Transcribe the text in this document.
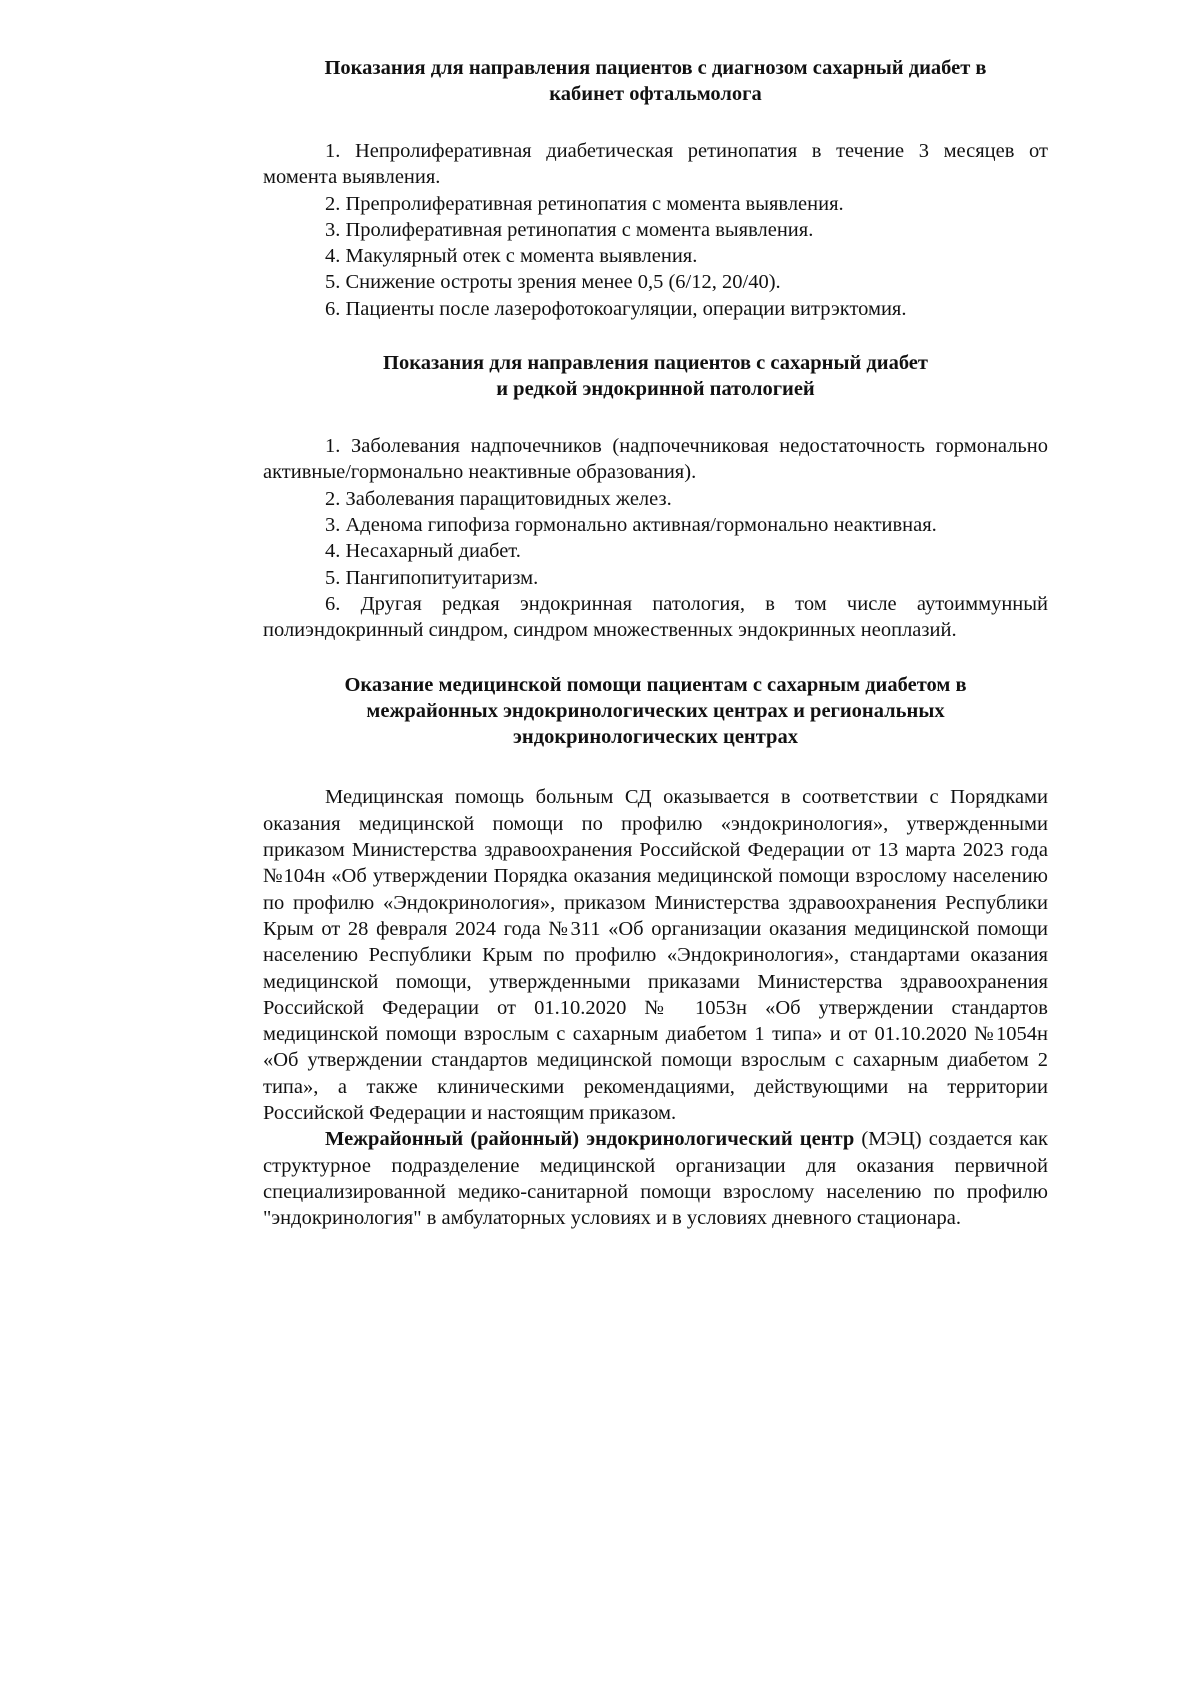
Показания для направления пациентов с диагнозом сахарный диабет в
кабинет офтальмолога

1. Непролиферативная диабетическая ретинопатия в течение 3 месяцев от момента выявления.

2. Препролиферативная ретинопатия с момента выявления.

3. Пролиферативная ретинопатия с момента выявления.

4. Макулярный отек с момента выявления.

5. Снижение остроты зрения менее 0,5 (6/12, 20/40).

6. Пациенты после лазерофотокоагуляции, операции витрэктомия.

Показания для направления пациентов с сахарный диабет
и редкой эндокринной патологией

1. Заболевания надпочечников (надпочечниковая недостаточность гормонально активные/гормонально неактивные образования).

2. Заболевания паращитовидных желез.

3. Аденома гипофиза гормонально активная/гормонально неактивная.

4. Несахарный диабет.

5. Пангипопитуитаризм.

6. Другая редкая эндокринная патология, в том числе аутоиммунный полиэндокринный синдром, синдром множественных эндокринных неоплазий.

Оказание медицинской помощи пациентам с сахарным диабетом в
межрайонных эндокринологических центрах и региональных
эндокринологических центрах

Медицинская помощь больным СД оказывается в соответствии с Порядками оказания медицинской помощи по профилю «эндокринология», утвержденными приказом Министерства здравоохранения Российской Федерации от 13 марта 2023 года №104н «Об утверждении Порядка оказания медицинской помощи взрослому населению по профилю «Эндокринология», приказом Министерства здравоохранения Республики Крым от 28 февраля 2024 года №311 «Об организации оказания медицинской помощи населению Республики Крым по профилю «Эндокринология», стандартами оказания медицинской помощи, утвержденными приказами Министерства здравоохранения Российской Федерации от 01.10.2020 № 1053н «Об утверждении стандартов медицинской помощи взрослым с сахарным диабетом 1 типа» и от 01.10.2020 №1054н «Об утверждении стандартов медицинской помощи взрослым с сахарным диабетом 2 типа», а также клиническими рекомендациями, действующими на территории Российской Федерации и настоящим приказом.

Межрайонный (районный) эндокринологический центр (МЭЦ) создается как структурное подразделение медицинской организации для оказания первичной специализированной медико-санитарной помощи взрослому населению по профилю "эндокринология" в амбулаторных условиях и в условиях дневного стационара.
